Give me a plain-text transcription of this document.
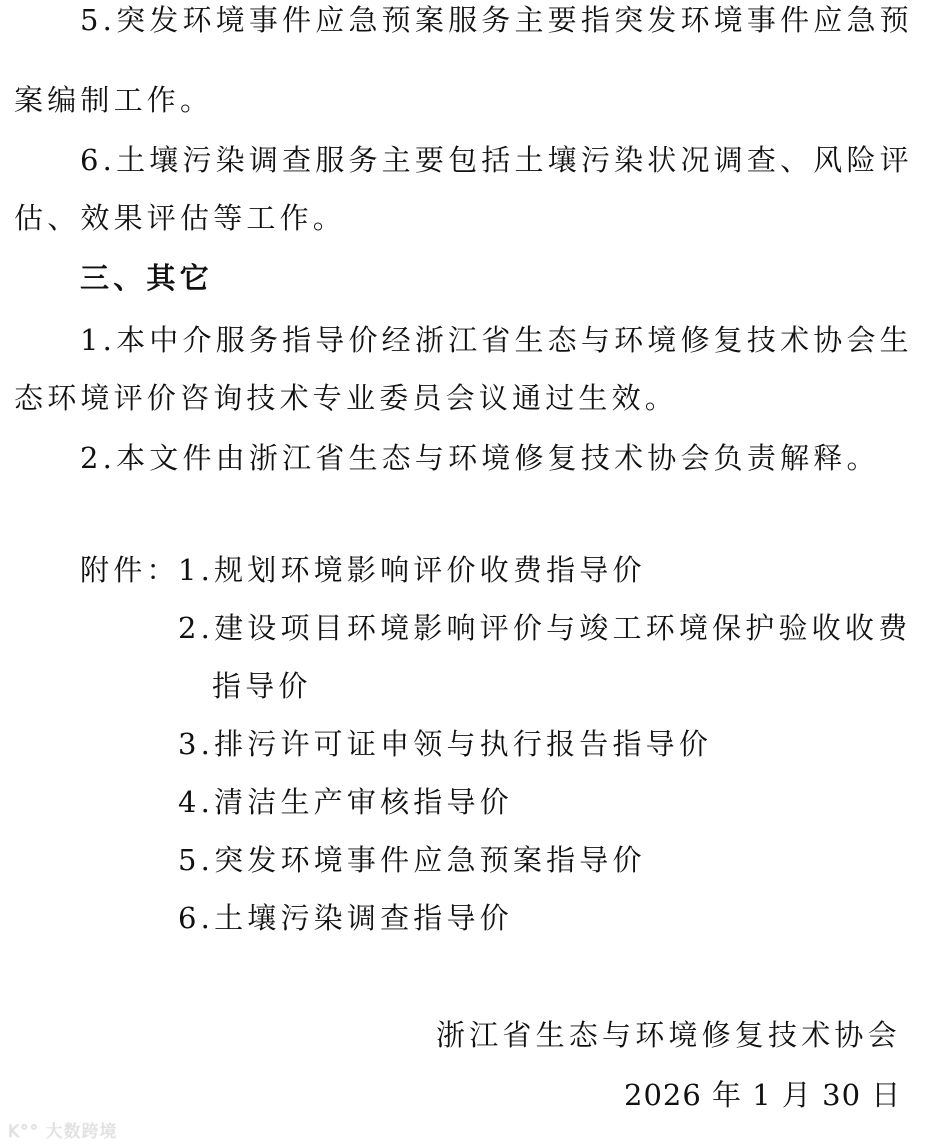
5.突发环境事件应急预案服务主要指突发环境事件应急预
案编制工作。
6.土壤污染调查服务主要包括土壤污染状况调查、风险评
估、效果评估等工作。
三、其它
1.本中介服务指导价经浙江省生态与环境修复技术协会生
态环境评价咨询技术专业委员会议通过生效。
2.本文件由浙江省生态与环境修复技术协会负责解释。
附件：
1.规划环境影响评价收费指导价
2.建设项目环境影响评价与竣工环境保护验收收费
指导价
3.排污许可证申领与执行报告指导价
4.清洁生产审核指导价
5.突发环境事件应急预案指导价
6.土壤污染调查指导价
浙江省生态与环境修复技术协会
2026 年 1 月 30 日
K°° 大数跨境
